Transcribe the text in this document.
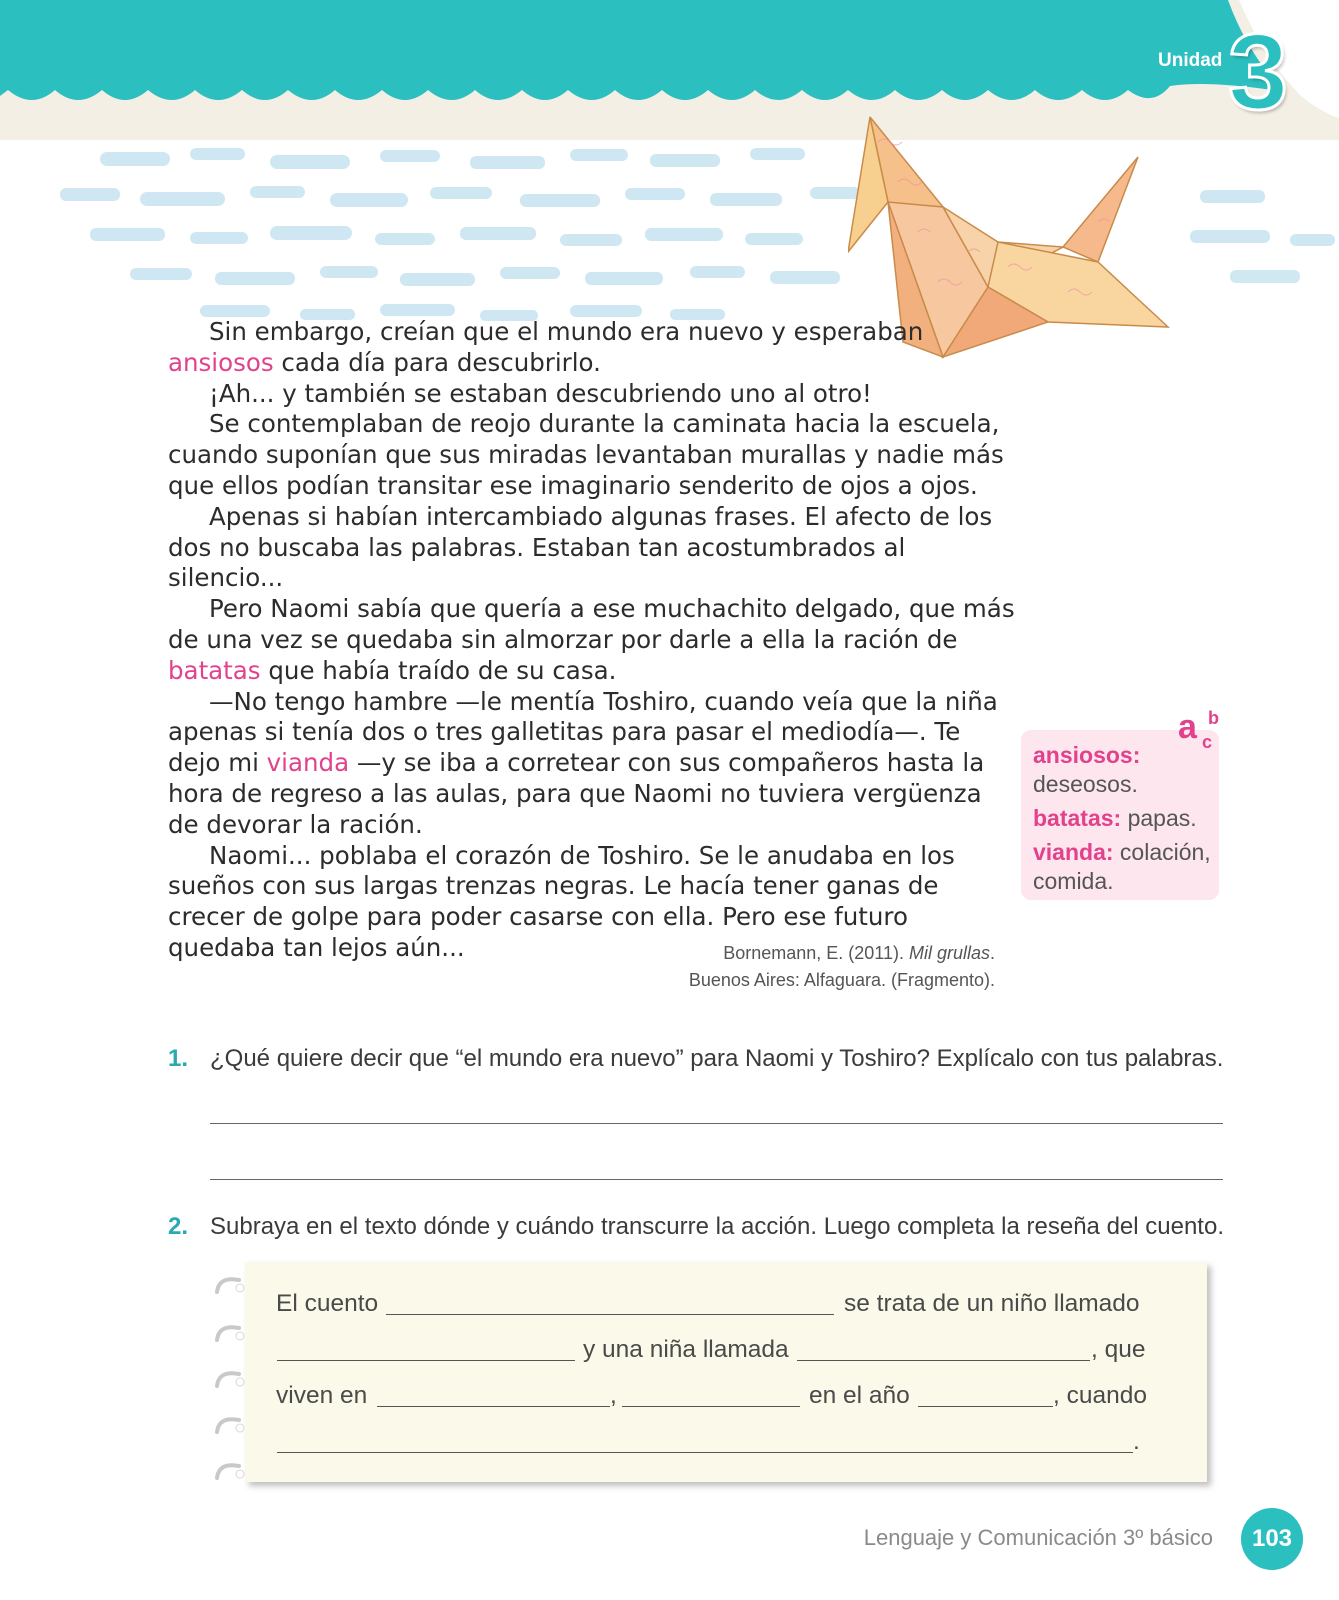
Unidad 3

Sin embargo, creían que el mundo era nuevo y esperaban
ansiosos cada día para descubrirlo.

¡Ah... y también se estaban descubriendo uno al otro!

Se contemplaban de reojo durante la caminata hacia la escuela, cuando suponían que sus miradas levantaban murallas y nadie más que ellos podían transitar ese imaginario senderito de ojos a ojos.

Apenas si habían intercambiado algunas frases. El afecto de los dos no buscaba las palabras. Estaban tan acostumbrados al silencio...

Pero Naomi sabía que quería a ese muchachito delgado, que más de una vez se quedaba sin almorzar por darle a ella la ración de batatas que había traído de su casa.

—No tengo hambre —le mentía Toshiro, cuando veía que la niña apenas si tenía dos o tres galletitas para pasar el mediodía—. Te dejo mi vianda —y se iba a corretear con sus compañeros hasta la hora de regreso a las aulas, para que Naomi no tuviera vergüenza de devorar la ración.

Naomi... poblaba el corazón de Toshiro. Se le anudaba en los sueños con sus largas trenzas negras. Le hacía tener ganas de crecer de golpe para poder casarse con ella. Pero ese futuro quedaba tan lejos aún...	Bornemann, E. (2011). Mil grullas.
Buenos Aires: Alfaguara. (Fragmento).
a b
c
ansiosos:
deseosos.
batatas: papas.
vianda: colación, comida.
1. ¿Qué quiere decir que “el mundo era nuevo” para Naomi y Toshiro? Explícalo con tus palabras.
2. Subraya en el texto dónde y cuándo transcurre la acción. Luego completa la reseña del cuento.
El cuento	se trata de un niño llamado
y una niña llamada	, que
viven en	,	en el año	, cuando
.
Lenguaje y Comunicación 3º básico	103
